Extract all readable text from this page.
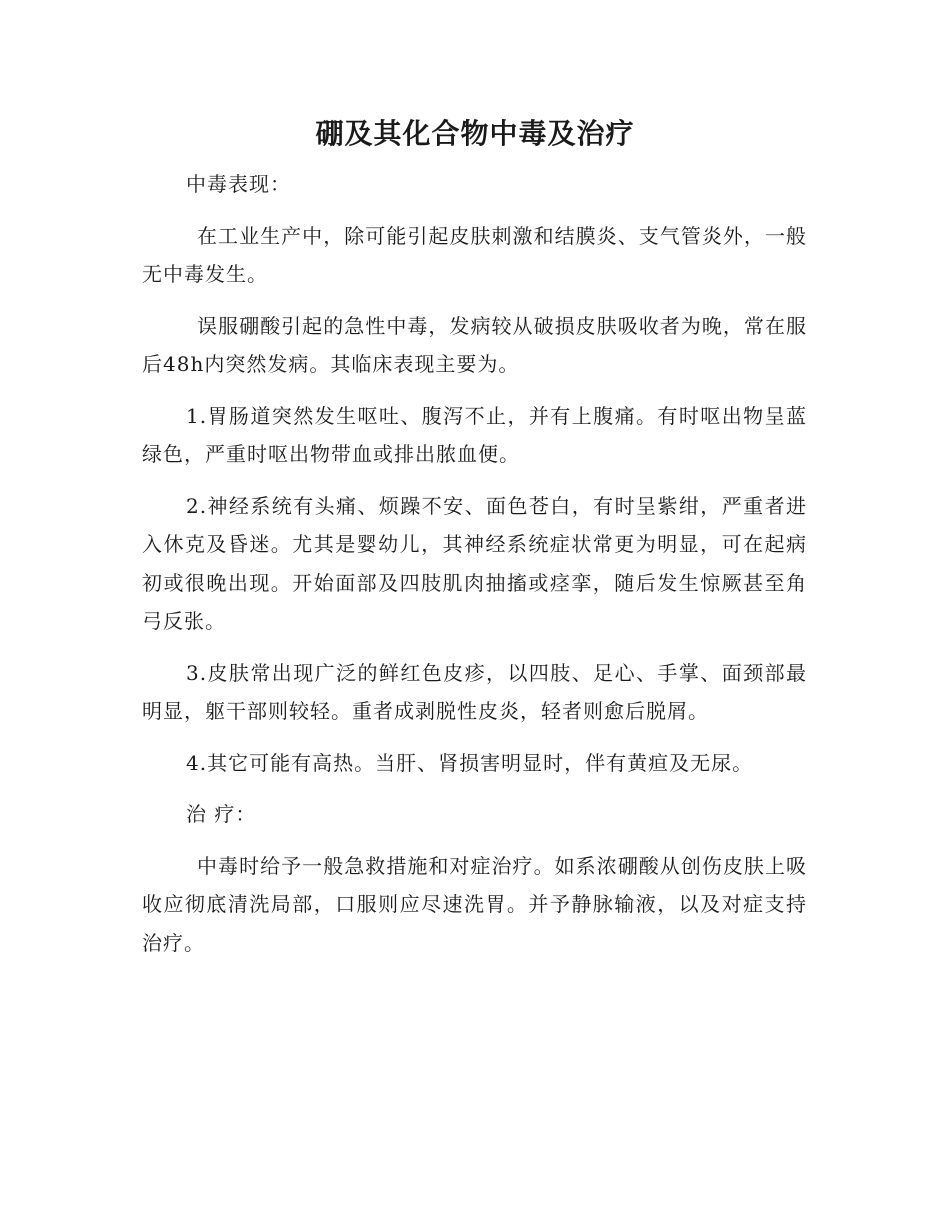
硼及其化合物中毒及治疗

中毒表现：

在工业生产中，除可能引起皮肤刺激和结膜炎、支气管炎外，一般无中毒发生。

误服硼酸引起的急性中毒，发病较从破损皮肤吸收者为晚，常在服后48h内突然发病。其临床表现主要为。

1.胃肠道突然发生呕吐、腹泻不止，并有上腹痛。有时呕出物呈蓝绿色，严重时呕出物带血或排出脓血便。

2.神经系统有头痛、烦躁不安、面色苍白，有时呈紫绀，严重者进入休克及昏迷。尤其是婴幼儿，其神经系统症状常更为明显，可在起病初或很晚出现。开始面部及四肢肌肉抽搐或痉挛，随后发生惊厥甚至角弓反张。

3.皮肤常出现广泛的鲜红色皮疹，以四肢、足心、手掌、面颈部最明显，躯干部则较轻。重者成剥脱性皮炎，轻者则愈后脱屑。

4.其它可能有高热。当肝、肾损害明显时，伴有黄疸及无尿。

治 疗：

中毒时给予一般急救措施和对症治疗。如系浓硼酸从创伤皮肤上吸收应彻底清洗局部，口服则应尽速洗胃。并予静脉输液，以及对症支持治疗。
